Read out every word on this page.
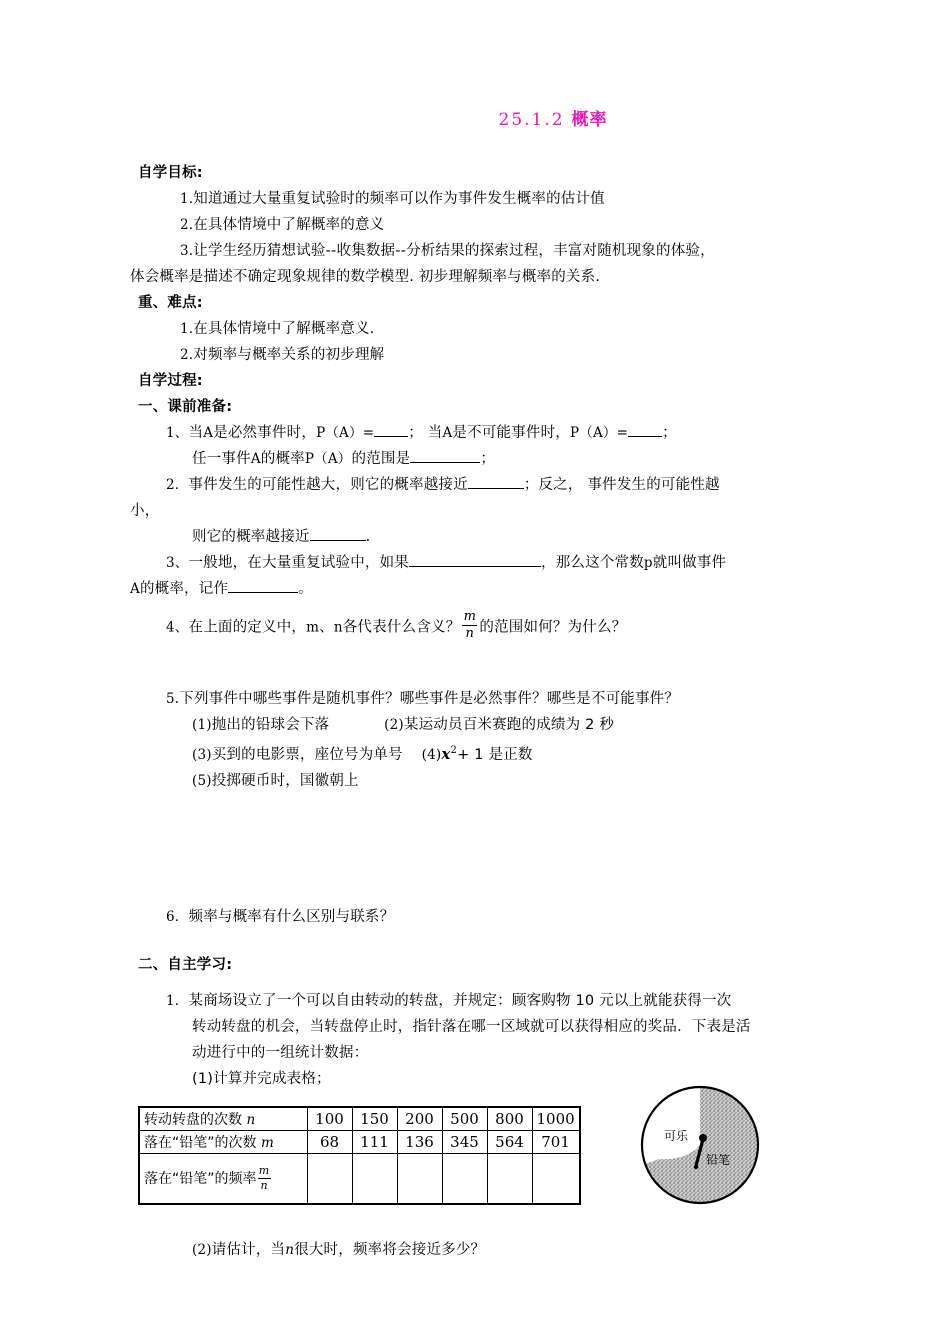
25.1.2 概率
自学目标:
1.知道通过大量重复试验时的频率可以作为事件发生概率的估计值
2.在具体情境中了解概率的意义
3.让学生经历猜想试验--收集数据--分析结果的探索过程，丰富对随机现象的体验，
体会概率是描述不确定现象规律的数学模型. 初步理解频率与概率的关系.
重、难点:
1.在具体情境中了解概率意义.
2.对频率与概率关系的初步理解
自学过程:
一、课前准备:
1、当A是必然事件时，P（A）= ； 当A是不可能事件时，P（A）= ；
任一事件A的概率P（A）的范围是	；
2．事件发生的可能性越大，则它的概率越接近	；反之， 事件发生的可能性越
小，
则它的概率越接近	.
3、一般地，在大量重复试验中，如果	，那么这个常数p就叫做事件
A的概率，记作	。
4、在上面的定义中，m、n各代表什么含义？ $\frac{m}{n}$ 的范围如何？为什么？
5.下列事件中哪些事件是随机事件？哪些事件是必然事件？哪些是不可能事件？
(1)抛出的铅球会下落	(2)某运动员百米赛跑的成绩为 2 秒
(3)买到的电影票，座位号为单号 $(4)x^2+ 1$ 是正数
(5)投掷硬币时，国徽朝上
6．频率与概率有什么区别与联系？
二、自主学习:
1．某商场设立了一个可以自由转动的转盘，并规定：顾客购物 10 元以上就能获得一次
转动转盘的机会，当转盘停止时，指针落在哪一区域就可以获得相应的奖品．下表是活
动进行中的一组统计数据：
(1)计算并完成表格；
转动转盘的次数 n	100	150	200	500	800	1000
落在“铅笔”的次数 m	68	111	136	345	564	701
落在“铅笔”的频率 $\frac{m}{n}$

可乐
铅笔
(2)请估计，当n很大时，频率将会接近多少？
